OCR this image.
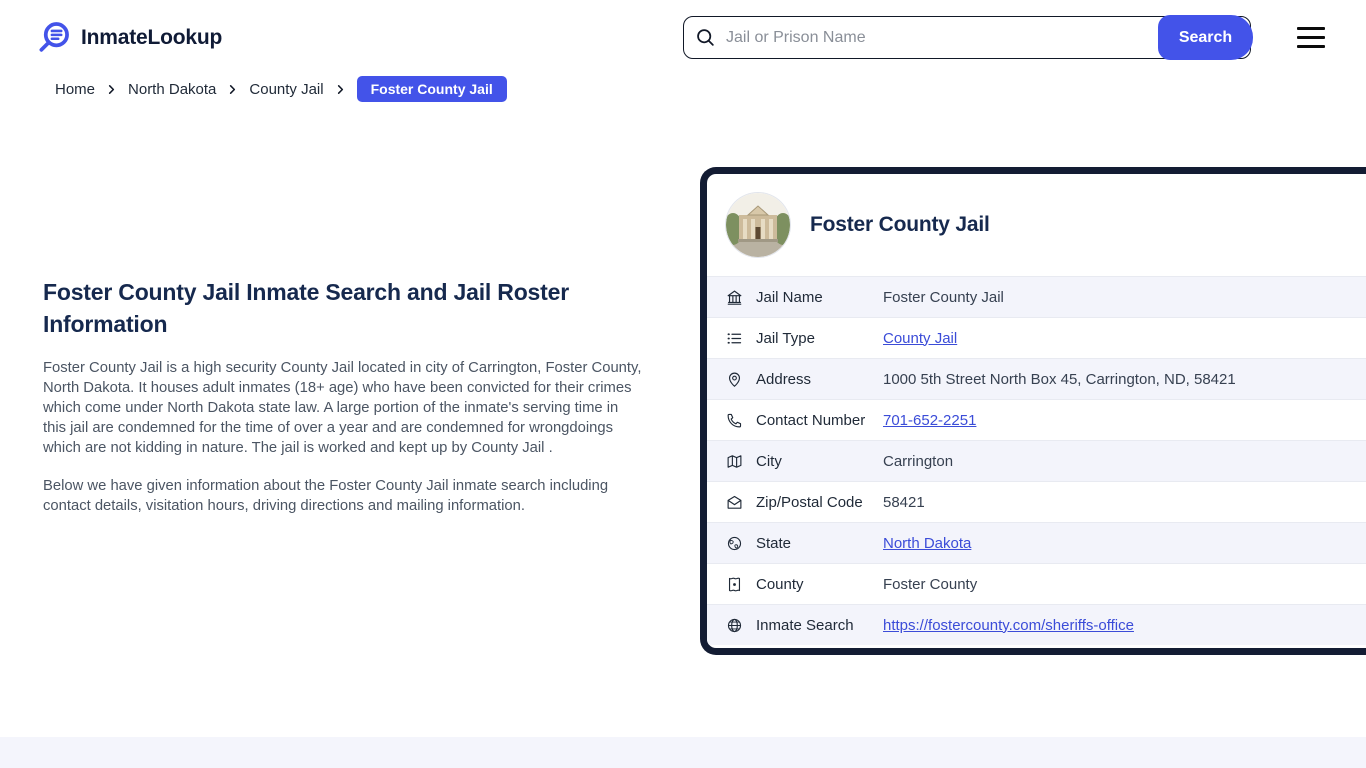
InmateLookup
Jail or Prison Name	Search
Home North Dakota County Jail	Foster County Jail
Foster County Jail Inmate Search and Jail Roster Information

Foster County Jail is a high security County Jail located in city of Carrington, Foster County, North Dakota. It houses adult inmates (18+ age) who have been convicted for their crimes which come under North Dakota state law. A large portion of the inmate's serving time in this jail are condemned for the time of over a year and are condemned for wrongdoings which are not kidding in nature. The jail is worked and kept up by County Jail .

Below we have given information about the Foster County Jail inmate search including contact details, visitation hours, driving directions and mailing information.

Foster County Jail
Jail Name	Foster County Jail
Jail Type	County Jail
Address	1000 5th Street North Box 45, Carrington, ND, 58421
Contact Number	701-652-2251
City	Carrington
Zip/Postal Code	58421
State	North Dakota
County	Foster County
Inmate Search	https://fostercounty.com/sheriffs-office
